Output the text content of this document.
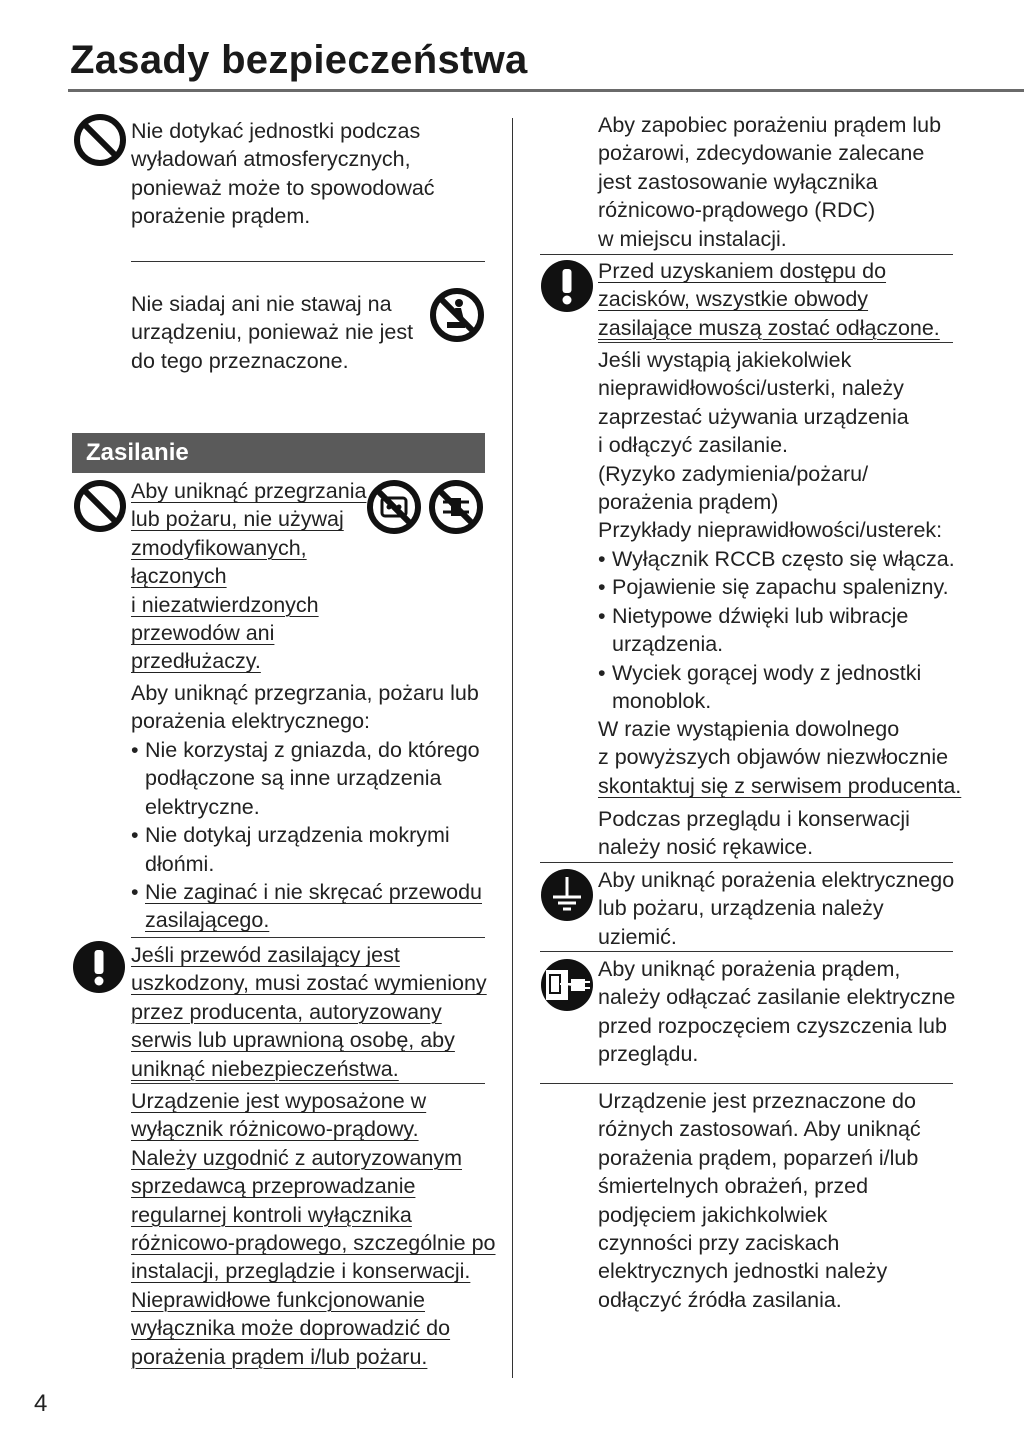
Zasady bezpieczeństwa
Nie dotykać jednostki podczas
wyładowań atmosferycznych,
ponieważ może to spowodować
porażenie prądem.
Nie siadaj ani nie stawaj na
urządzeniu, ponieważ nie jest
do tego przeznaczone.
Zasilanie
Aby uniknąć przegrzania
lub pożaru, nie używaj
zmodyfikowanych,
łączonych
i niezatwierdzonych
przewodów ani
przedłużaczy.
Aby uniknąć przegrzania, pożaru lub
porażenia elektrycznego:
• Nie korzystaj z gniazda, do którego
podłączone są inne urządzenia
elektryczne.
• Nie dotykaj urządzenia mokrymi
dłońmi.
• Nie zaginać i nie skręcać przewodu
zasilającego.
Jeśli przewód zasilający jest
uszkodzony, musi zostać wymieniony
przez producenta, autoryzowany
serwis lub uprawnioną osobę, aby
uniknąć niebezpieczeństwa.
Urządzenie jest wyposażone w
wyłącznik różnicowo-prądowy.
Należy uzgodnić z autoryzowanym
sprzedawcą przeprowadzanie
regularnej kontroli wyłącznika
różnicowo-prądowego, szczególnie po
instalacji, przeglądzie i konserwacji.
Nieprawidłowe funkcjonowanie
wyłącznika może doprowadzić do
porażenia prądem i/lub pożaru.
Aby zapobiec porażeniu prądem lub
pożarowi, zdecydowanie zalecane
jest zastosowanie wyłącznika
różnicowo-prądowego (RDC)
w miejscu instalacji.
Przed uzyskaniem dostępu do
zacisków, wszystkie obwody
zasilające muszą zostać odłączone.
Jeśli wystąpią jakiekolwiek
nieprawidłowości/usterki, należy
zaprzestać używania urządzenia
i odłączyć zasilanie.
(Ryzyko zadymienia/pożaru/
porażenia prądem)
Przykłady nieprawidłowości/usterek:
• Wyłącznik RCCB często się włącza.
• Pojawienie się zapachu spalenizny.
• Nietypowe dźwięki lub wibracje
urządzenia.
• Wyciek gorącej wody z jednostki
monoblok.
W razie wystąpienia dowolnego
z powyższych objawów niezwłocznie
skontaktuj się z serwisem producenta.
Podczas przeglądu i konserwacji
należy nosić rękawice.
Aby uniknąć porażenia elektrycznego
lub pożaru, urządzenia należy
uziemić.
Aby uniknąć porażenia prądem,
należy odłączać zasilanie elektryczne
przed rozpoczęciem czyszczenia lub
przeglądu.
Urządzenie jest przeznaczone do
różnych zastosowań. Aby uniknąć
porażenia prądem, poparzeń i/lub
śmiertelnych obrażeń, przed
podjęciem jakichkolwiek
czynności przy zaciskach
elektrycznych jednostki należy
odłączyć źródła zasilania.
4
